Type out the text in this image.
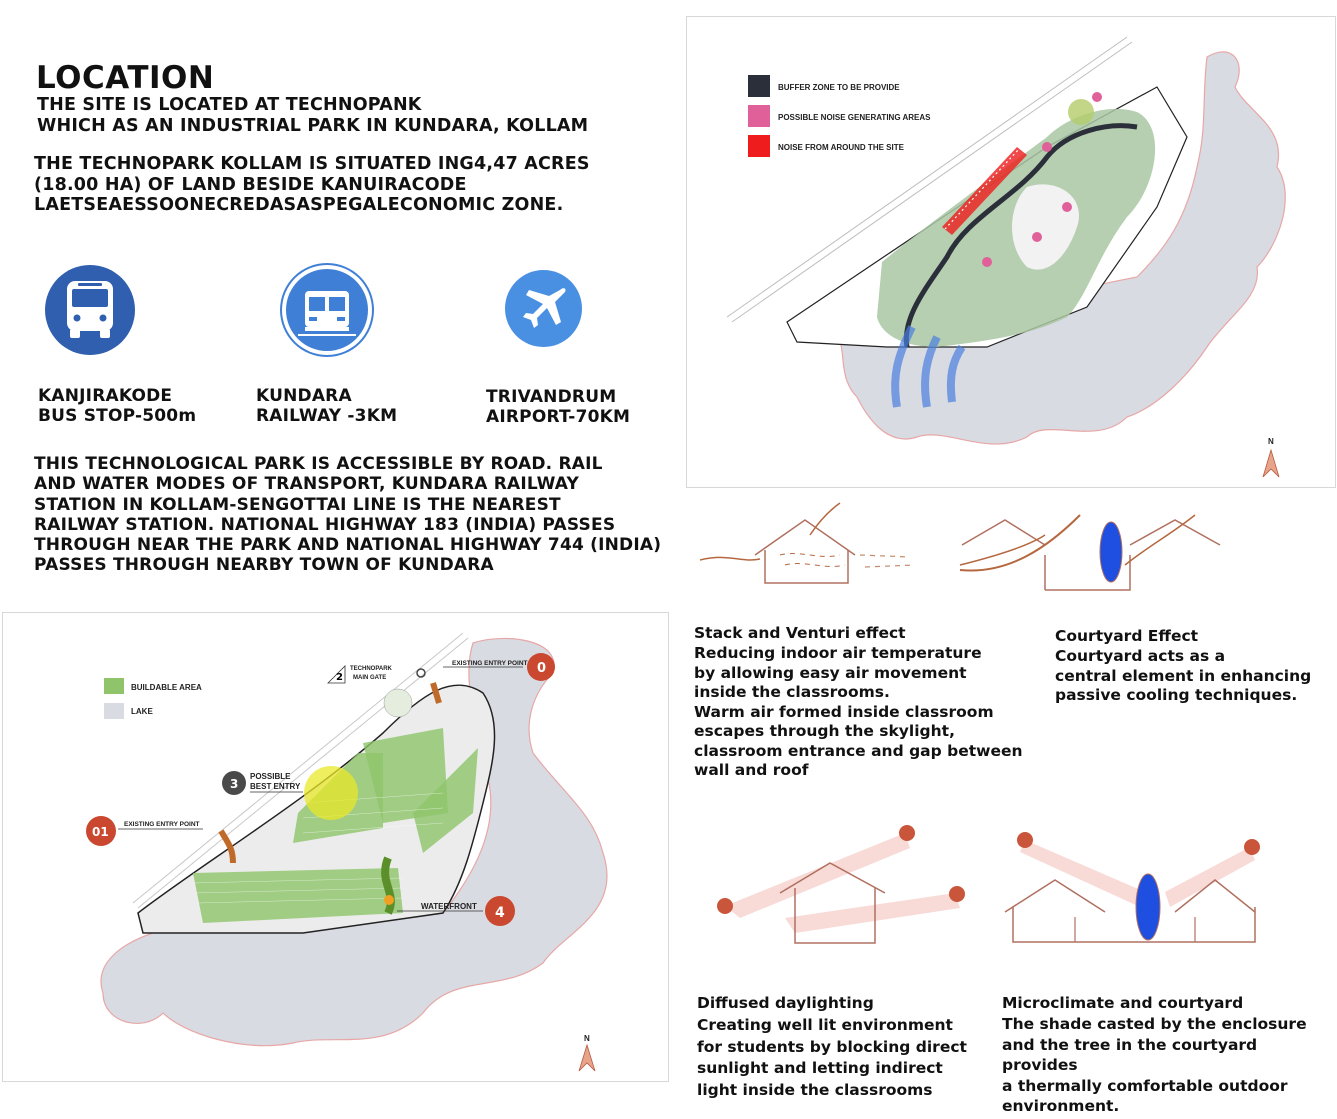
LOCATION
THE SITE IS LOCATED AT TECHNOPANK
WHICH AS AN INDUSTRIAL PARK IN KUNDARA, KOLLAM
THE TECHNOPARK KOLLAM IS SITUATED ING4,47 ACRES
(18.00 HA) OF LAND BESIDE KANUIRACODE
LAETSEAESSOONECREDASASPEGALECONOMIC ZONE.
KANJIRAKODE
BUS STOP-500m
KUNDARA
RAILWAY -3KM
TRIVANDRUM
AIRPORT-70KM
THIS TECHNOLOGICAL PARK IS ACCESSIBLE BY ROAD. RAIL
AND WATER MODES OF TRANSPORT, KUNDARA RAILWAY
STATION IN KOLLAM-SENGOTTAI LINE IS THE NEAREST
RAILWAY STATION. NATIONAL HIGHWAY 183 (INDIA) PASSES
THROUGH NEAR THE PARK AND NATIONAL HIGHWAY 744 (INDIA)
PASSES THROUGH NEARBY TOWN OF KUNDARA
BUFFER ZONE TO BE PROVIDE
POSSIBLE NOISE GENERATING AREAS
NOISE FROM AROUND THE SITE
N
BUILDABLE AREA
LAKE
EXISTING ENTRY POINT 0
2
TECHNOPARK
MAIN GATE
3
POSSIBLE
BEST ENTRY
01
EXISTING ENTRY POINT
WATERFRONT 4
N
Stack and Venturi effect
Reducing indoor air temperature
by allowing easy air movement
inside the classrooms.
Warm air formed inside classroom
escapes through the skylight,
classroom entrance and gap between
wall and roof
Courtyard Effect
Courtyard acts as a
central element in enhancing
passive cooling techniques.
Diffused daylighting
Creating well lit environment
for students by blocking direct
sunlight and letting indirect
light inside the classrooms
Microclimate and courtyard
The shade casted by the enclosure
and the tree in the courtyard provides
a thermally comfortable outdoor
environment.
